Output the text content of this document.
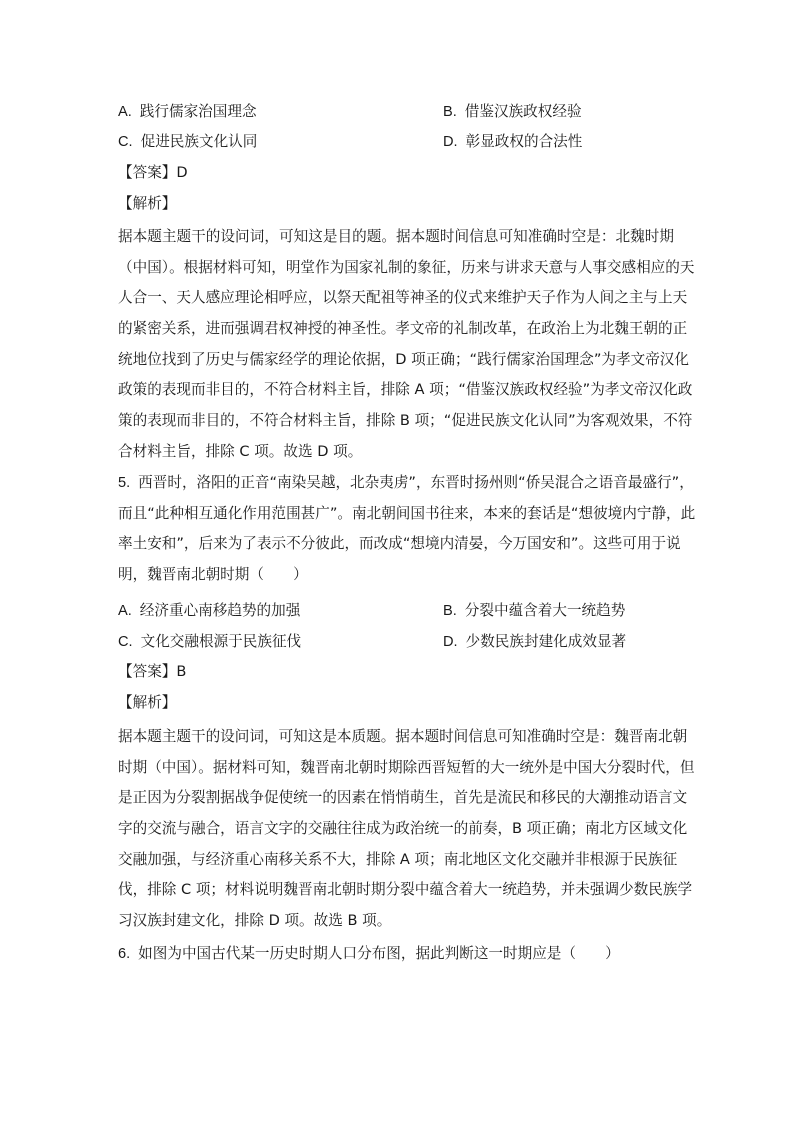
A. 践行儒家治国理念	B. 借鉴汉族政权经验
C. 促进民族文化认同	D. 彰显政权的合法性
【答案】D
【解析】
据本题主题干的设问词，可知这是目的题。据本题时间信息可知准确时空是：北魏时期
（中国）。根据材料可知，明堂作为国家礼制的象征，历来与讲求天意与人事交感相应的天
人合一、天人感应理论相呼应，以祭天配祖等神圣的仪式来维护天子作为人间之主与上天
的紧密关系，进而强调君权神授的神圣性。孝文帝的礼制改革，在政治上为北魏王朝的正
统地位找到了历史与儒家经学的理论依据，D 项正确；“践行儒家治国理念”为孝文帝汉化
政策的表现而非目的，不符合材料主旨，排除 A 项；“借鉴汉族政权经验”为孝文帝汉化政
策的表现而非目的，不符合材料主旨，排除 B 项；“促进民族文化认同”为客观效果，不符
合材料主旨，排除 C 项。故选 D 项。
5. 西晋时，洛阳的正音“南染吴越，北杂夷虏”，东晋时扬州则“侨吴混合之语音最盛行”，
而且“此种相互通化作用范围甚广”。南北朝间国书往来，本来的套话是“想彼境内宁静，此
率土安和”，后来为了表示不分彼此，而改成“想境内清晏，今万国安和”。这些可用于说
明，魏晋南北朝时期（　　）
A. 经济重心南移趋势的加强	B. 分裂中蕴含着大一统趋势
C. 文化交融根源于民族征伐	D. 少数民族封建化成效显著
【答案】B
【解析】
据本题主题干的设问词，可知这是本质题。据本题时间信息可知准确时空是：魏晋南北朝
时期（中国）。据材料可知，魏晋南北朝时期除西晋短暂的大一统外是中国大分裂时代，但
是正因为分裂割据战争促使统一的因素在悄悄萌生，首先是流民和移民的大潮推动语言文
字的交流与融合，语言文字的交融往往成为政治统一的前奏，B 项正确；南北方区域文化
交融加强，与经济重心南移关系不大，排除 A 项；南北地区文化交融并非根源于民族征
伐，排除 C 项；材料说明魏晋南北朝时期分裂中蕴含着大一统趋势，并未强调少数民族学
习汉族封建文化，排除 D 项。故选 B 项。
6. 如图为中国古代某一历史时期人口分布图，据此判断这一时期应是（　　）
